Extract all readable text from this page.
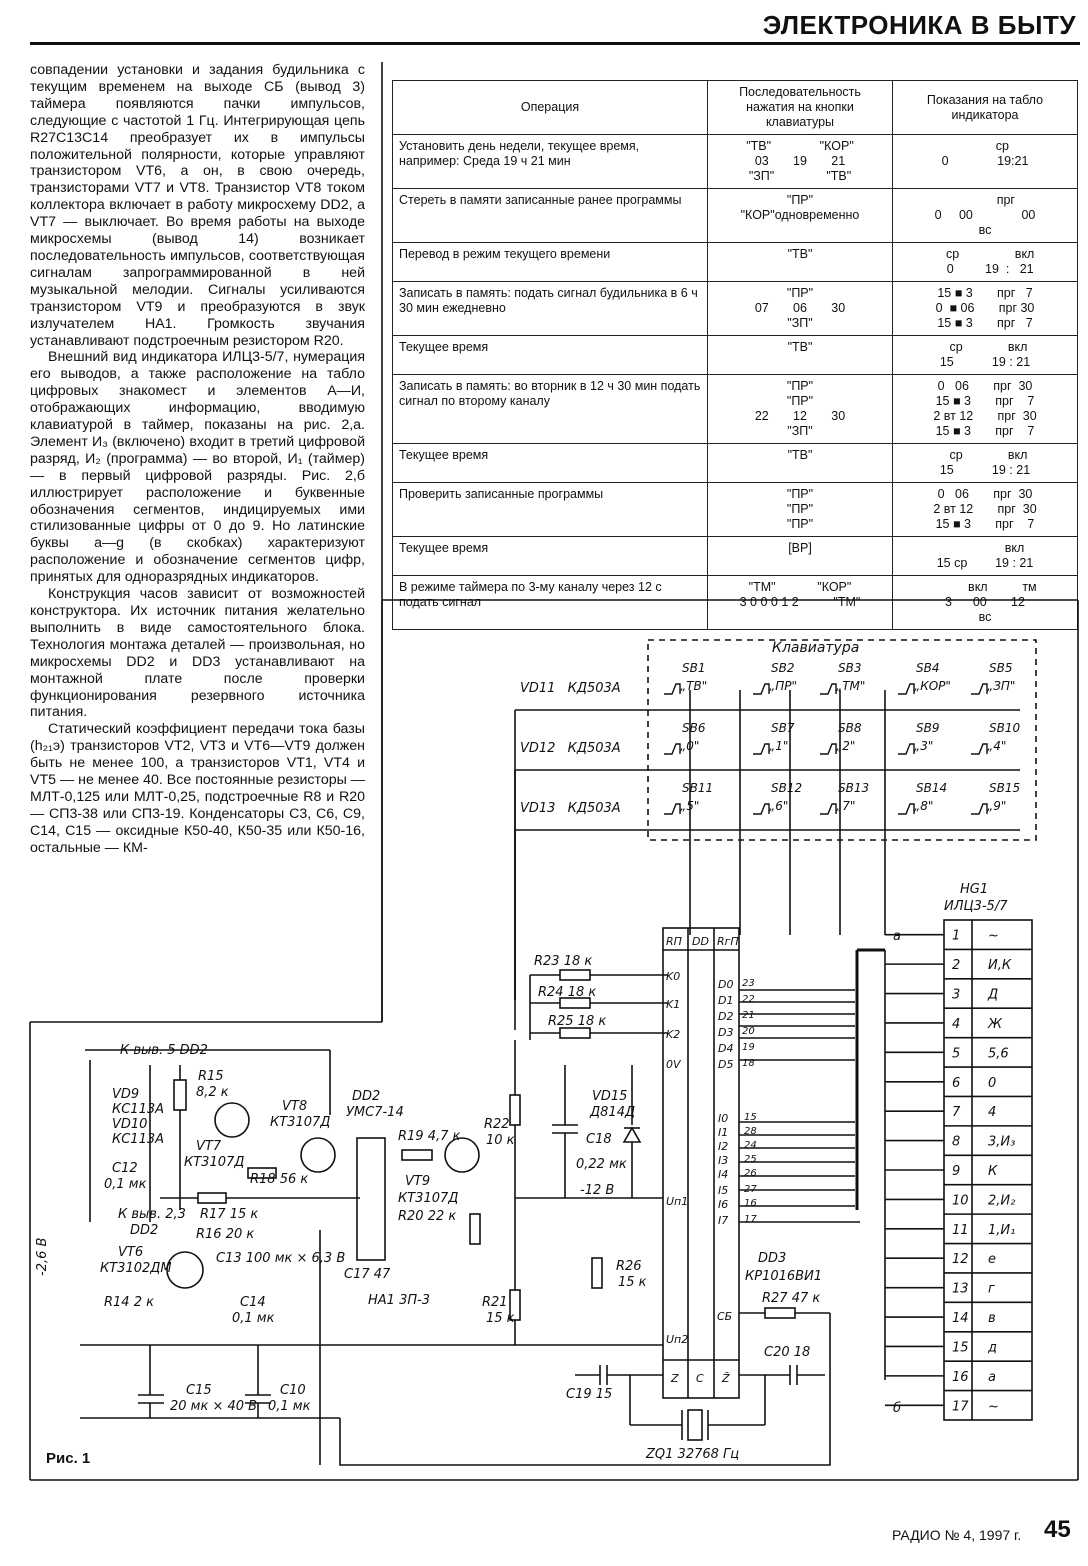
ЭЛЕКТРОНИКА В БЫТУ

совпадении установки и задания будильника с текущим временем на выходе СБ (вывод 3) таймера появляются пачки импульсов, следующие с частотой 1 Гц. Интегрирующая цепь R27C13C14 преобразует их в импульсы положительной полярности, которые управляют транзистором VT6, а он, в свою очередь, транзисторами VT7 и VT8. Транзистор VT8 током коллектора включает в работу микросхему DD2, а VT7 — выключает. Во время работы на выходе микросхемы (вывод 14) возникает последовательность импульсов, соответствующая сигналам запрограммированной в ней музыкальной мелодии. Сигналы усиливаются транзистором VT9 и преобразуются в звук излучателем НА1. Громкость звучания устанавливают подстроечным резистором R20.

Внешний вид индикатора ИЛЦ3-5/7, нумерация его выводов, а также расположение на табло цифровых знакомест и элементов А—И, отображающих информацию, вводимую клавиатурой в таймер, показаны на рис. 2,а. Элемент И₃ (включено) входит в третий цифровой разряд, И₂ (программа) — во второй, И₁ (таймер) — в первый цифровой разряды. Рис. 2,б иллюстрирует расположение и буквенные обозначения сегментов, индицируемых ими стилизованные цифры от 0 до 9. Но латинские буквы a—g (в скобках) характеризуют расположение и обозначение сегментов цифр, принятых для одноразрядных индикаторов.

Конструкция часов зависит от возможностей конструктора. Их источник питания желательно выполнить в виде самостоятельного блока. Технология монтажа деталей — произвольная, но микросхемы DD2 и DD3 устанавливают на монтажной плате после проверки функционирования резервного источника питания.

Статический коэффициент передачи тока базы (h₂₁э) транзисторов VT2, VT3 и VT6—VT9 должен быть не менее 100, а транзисторов VT1, VT4 и VT5 — не менее 40. Все постоянные резисторы — МЛТ-0,125 или МЛТ-0,25, подстроечные R8 и R20 — СП3-38 или СП3-19. Конденсаторы С3, С6, С9, С14, С15 — оксидные К50-40, К50-35 или К50-16, остальные — КМ-

Операция	Последовательность нажатия на кнопки клавиатуры	Показания на табло индикатора
Установить день недели, текущее время, например: Среда 19 ч 21 мин	"ТВ"              "КОР"
03       19       21
"ЗП"               "ТВ"	ср
0              19:21
Стереть в памяти записанные ранее программы	"ПР"
"КОР"одновременно	прг
0     00              00
вс
Перевод в режим текущего времени	"ТВ"	ср                вкл
0         19  :   21
Записать в память: подать сигнал будильника в 6 ч 30 мин ежедневно	"ПР"
07       06       30
"ЗП"	15 ■ 3       прг   7
0  ■ 06       прг 30
15 ■ 3       прг   7
Текущее время	"ТВ"	ср             вкл
15           19 : 21
Записать в память: во вторник в 12 ч 30 мин подать сигнал по второму каналу	"ПР"
"ПР"
22       12       30
"ЗП"	0   06       прг  30
15 ■ 3       прг    7
2 вт 12       прг  30
15 ■ 3       прг    7
Текущее время	"ТВ"	ср             вкл
15           19 : 21
Проверить записанные программы	"ПР"
"ПР"
"ПР"	0   06       прг  30
2 вт 12       прг  30
15 ■ 3       прг    7
Текущее время	[ВР]	вкл
15 ср        19 : 21
В режиме таймера по 3-му каналу через 12 с подать сигнал	"ТМ"            "КОР"
3 0 0 0 1 2          "ТМ"	вкл          тм
3      00       12
вс
Клавиатура
SB1
„ТВ"
SB2
„ПР"
SB3
„ТМ"
SB4
„КОР"
SB5
„ЗП"
SB6
„0"
SB7
„1"
SB8
„2"
SB9
„3"
SB10
„4"
SB11
„5"
SB12
„6"
SB13
„7"
SB14
„8"
SB15
„9"
VD11 КД503А
VD12 КД503А
VD13 КД503А
HG1
ИЛЦ3-5/7
а
б
RП DD RгП
K0
K1
K2
0V
D0 23
D1 22
D2 21
D3 20
D4 19
D5 18
I0 15
I1 28
I2 24
I3 25
I4 26
I5 27
I6 16
I7 17
Uп1
Uп2
СБ
Z C Z̄
DD3
КР1016ВИ1
R23 18 к
R24 18 к
R25 18 к
К выв. 5 DD2
VD9
КС113А
VD10
КС113А
C12
0,1 мк
R15
8,2 к
VT7
КТ3107Д
VT8
КТ3107Д
R18 56 к
R17 15 к
К выв. 2,3
DD2	R16 20 к
DD2
УМС7-14
R19 4,7 к
R22
10 к
VT9
КТ3107Д
R20 22 к
VD15
Д814Д
C18
0,22 мк
-12 В
VT6
КТ3102ДМ
C13 100 мк × 6,3 В
C14
0,1 мк
R14 2 к
C17 47
HA1 3П-3	R21
15 к
R26
15 к
R27 47 к
C20 18
C19 15
C15
20 мк × 40 В
C10
0,1 мк
ZQ1 32768 Гц
-2,6 В
1 ~
2 И,К
3 Д
4 Ж
5 5,6
6 0
7 4
8 3,И₃
9 К
10 2,И₂
11 1,И₁
12 е
13 г
14 в
15 д
16 а
17 ~
Рис. 1
РАДИО № 4, 1997 г. 45
